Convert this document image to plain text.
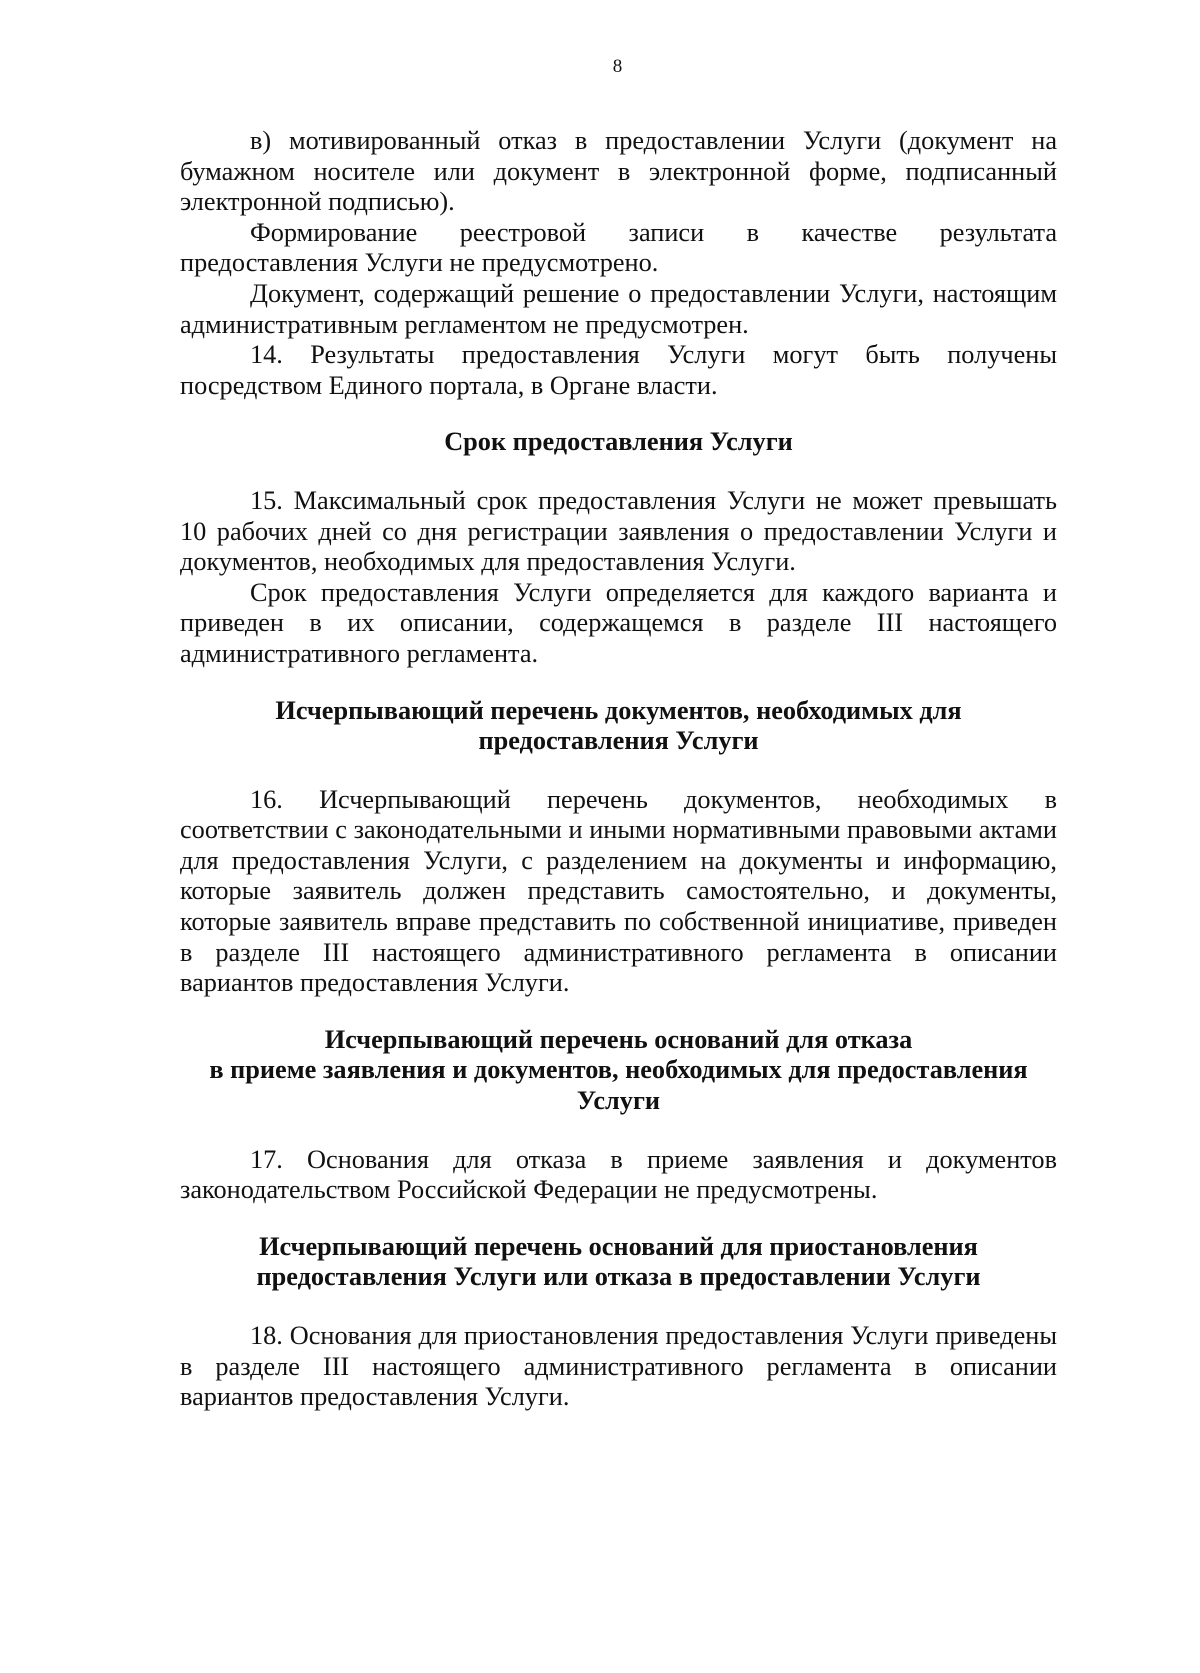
8

в) мотивированный отказ в предоставлении Услуги (документ на бумажном носителе или документ в электронной форме, подписанный электронной подписью).

Формирование реестровой записи в качестве результата предоставления Услуги не предусмотрено.

Документ, содержащий решение о предоставлении Услуги, настоящим административным регламентом не предусмотрен.

14. Результаты предоставления Услуги могут быть получены посредством Единого портала, в Органе власти.

Срок предоставления Услуги

15. Максимальный срок предоставления Услуги не может превышать 10 рабочих дней со дня регистрации заявления о предоставлении Услуги и документов, необходимых для предоставления Услуги.

Срок предоставления Услуги определяется для каждого варианта и приведен в их описании, содержащемся в разделе III настоящего административного регламента.

Исчерпывающий перечень документов, необходимых для
предоставления Услуги

16. Исчерпывающий перечень документов, необходимых в соответствии с законодательными и иными нормативными правовыми актами для предоставления Услуги, с разделением на документы и информацию, которые заявитель должен представить самостоятельно, и документы, которые заявитель вправе представить по собственной инициативе, приведен в разделе III настоящего административного регламента в описании вариантов предоставления Услуги.

Исчерпывающий перечень оснований для отказа
в приеме заявления и документов, необходимых для предоставления
Услуги

17. Основания для отказа в приеме заявления и документов законодательством Российской Федерации не предусмотрены.

Исчерпывающий перечень оснований для приостановления
предоставления Услуги или отказа в предоставлении Услуги

18. Основания для приостановления предоставления Услуги приведены в разделе III настоящего административного регламента в описании вариантов предоставления Услуги.
